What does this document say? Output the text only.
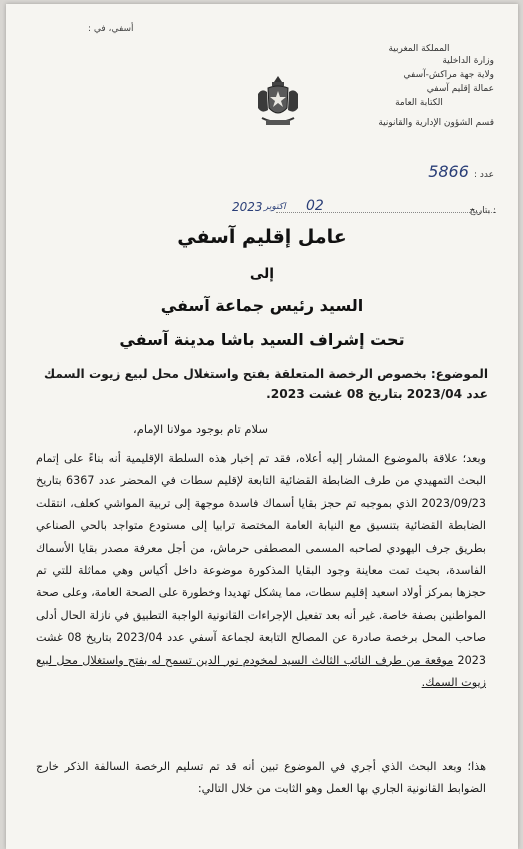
أسفي، في :
المملكة المغربية
وزارة الداخلية
ولاية جهة مراكش-آسفي
عمالة إقليم آسفي
الكتابة العامة
قسم الشؤون الإدارية والقانونية
عدد : 5866
بتاريخ :
02
اكتوبر
2023
عامل إقليم آسفي
إلى
السيد رئيس جماعة آسفي
تحت إشراف السيد باشا مدينة آسفي
الموضوع: بخصوص الرخصة المتعلقة بفتح واستغلال محل لبيع زيوت السمك عدد 2023/04 بتاريخ 08 غشت 2023.
سلام تام بوجود مولانا الإمام،

وبعد؛ علاقة بالموضوع المشار إليه أعلاه، فقد تم إخبار هذه السلطة الإقليمية أنه بناءً على إتمام البحث التمهيدي من طرف الضابطة القضائية التابعة لإقليم سطات في المحضر عدد 6367 بتاريخ 2023/09/23 الذي بموجبه تم حجز بقايا أسماك فاسدة موجهة إلى تربية المواشي كعلف، انتقلت الضابطة القضائية بتنسيق مع النيابة العامة المختصة ترابيا إلى مستودع متواجد بالحي الصناعي بطريق جرف اليهودي لصاحبه المسمى المصطفى حرماش، من أجل معرفة مصدر بقايا الأسماك الفاسدة، بحيث تمت معاينة وجود البقايا المذكورة موضوعة داخل أكياس وهي مماثلة للتي تم حجزها بمركز أولاد اسعيد إقليم سطات، مما يشكل تهديدا وخطورة على الصحة العامة، وعلى صحة المواطنين بصفة خاصة. غير أنه بعد تفعيل الإجراءات القانونية الواجبة التطبيق في نازلة الحال أدلى صاحب المحل برخصة صادرة عن المصالح التابعة لجماعة آسفي عدد 2023/04 بتاريخ 08 غشت 2023 موقعة من طرف النائب الثالث السيد لمخودم نور الدين تسمح له بفتح واستغلال محل لبيع زيوت السمك.

هذا؛ وبعد البحث الذي أجري في الموضوع تبين أنه قد تم تسليم الرخصة السالفة الذكر خارج الضوابط القانونية الجاري بها العمل وهو الثابت من خلال التالي:
